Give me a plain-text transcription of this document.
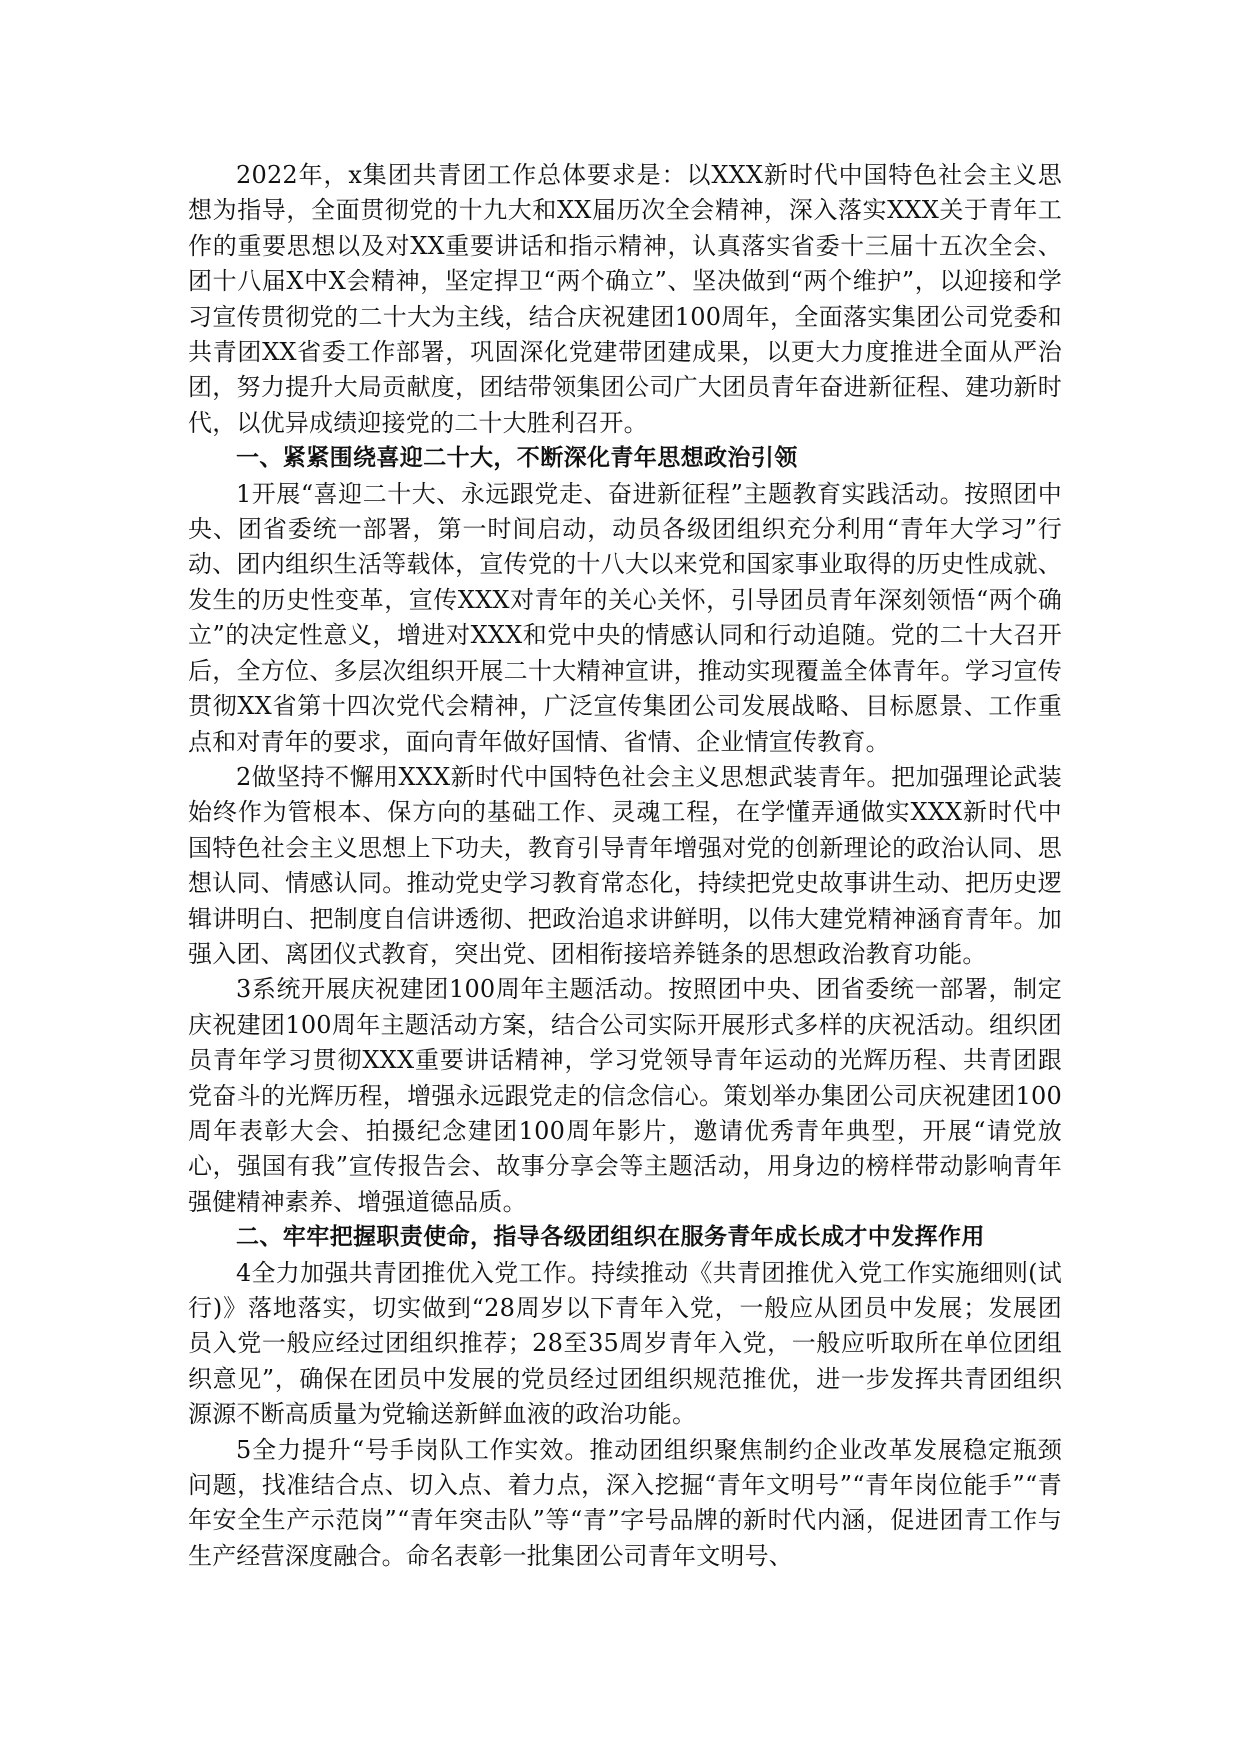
2022年，x集团共青团工作总体要求是：以XXX新时代中国特色社会主义思想为指导，全面贯彻党的十九大和XX届历次全会精神，深入落实XXX关于青年工作的重要思想以及对XX重要讲话和指示精神，认真落实省委十三届十五次全会、团十八届X中X会精神，坚定捍卫“两个确立”、坚决做到“两个维护”，以迎接和学习宣传贯彻党的二十大为主线，结合庆祝建团100周年，全面落实集团公司党委和共青团XX省委工作部署，巩固深化党建带团建成果，以更大力度推进全面从严治团，努力提升大局贡献度，团结带领集团公司广大团员青年奋进新征程、建功新时代，以优异成绩迎接党的二十大胜利召开。

一、紧紧围绕喜迎二十大，不断深化青年思想政治引领

1开展“喜迎二十大、永远跟党走、奋进新征程”主题教育实践活动。按照团中央、团省委统一部署，第一时间启动，动员各级团组织充分利用“青年大学习”行动、团内组织生活等载体，宣传党的十八大以来党和国家事业取得的历史性成就、发生的历史性变革，宣传XXX对青年的关心关怀，引导团员青年深刻领悟“两个确立”的决定性意义，增进对XXX和党中央的情感认同和行动追随。党的二十大召开后，全方位、多层次组织开展二十大精神宣讲，推动实现覆盖全体青年。学习宣传贯彻XX省第十四次党代会精神，广泛宣传集团公司发展战略、目标愿景、工作重点和对青年的要求，面向青年做好国情、省情、企业情宣传教育。

2做坚持不懈用XXX新时代中国特色社会主义思想武装青年。把加强理论武装始终作为管根本、保方向的基础工作、灵魂工程，在学懂弄通做实XXX新时代中国特色社会主义思想上下功夫，教育引导青年增强对党的创新理论的政治认同、思想认同、情感认同。推动党史学习教育常态化，持续把党史故事讲生动、把历史逻辑讲明白、把制度自信讲透彻、把政治追求讲鲜明，以伟大建党精神涵育青年。加强入团、离团仪式教育，突出党、团相衔接培养链条的思想政治教育功能。

3系统开展庆祝建团100周年主题活动。按照团中央、团省委统一部署，制定庆祝建团100周年主题活动方案，结合公司实际开展形式多样的庆祝活动。组织团员青年学习贯彻XXX重要讲话精神，学习党领导青年运动的光辉历程、共青团跟党奋斗的光辉历程，增强永远跟党走的信念信心。策划举办集团公司庆祝建团100周年表彰大会、拍摄纪念建团100周年影片，邀请优秀青年典型，开展“请党放心，强国有我”宣传报告会、故事分享会等主题活动，用身边的榜样带动影响青年强健精神素养、增强道德品质。

二、牢牢把握职责使命，指导各级团组织在服务青年成长成才中发挥作用

4全力加强共青团推优入党工作。持续推动《共青团推优入党工作实施细则(试行)》落地落实，切实做到“28周岁以下青年入党，一般应从团员中发展；发展团员入党一般应经过团组织推荐；28至35周岁青年入党，一般应听取所在单位团组织意见”，确保在团员中发展的党员经过团组织规范推优，进一步发挥共青团组织源源不断高质量为党输送新鲜血液的政治功能。

5全力提升“号手岗队工作实效。推动团组织聚焦制约企业改革发展稳定瓶颈问题，找准结合点、切入点、着力点，深入挖掘“青年文明号”“青年岗位能手”“青年安全生产示范岗”“青年突击队”等“青”字号品牌的新时代内涵，促进团青工作与生产经营深度融合。命名表彰一批集团公司青年文明号、
